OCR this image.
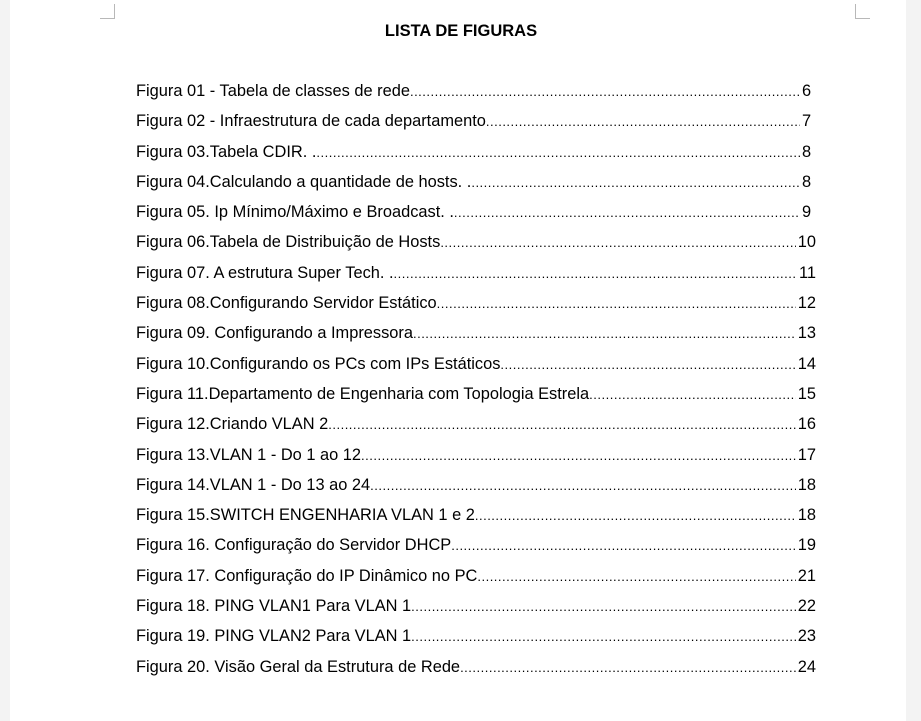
LISTA DE FIGURAS
Figura 01 - Tabela de classes de rede .....	6
Figura 02 - Infraestrutura de cada departamento .....	7
Figura 03.Tabela CDIR. . .....	8
Figura 04.Calculando a quantidade de hosts. . .....	8
Figura 05. Ip Mínimo/Máximo e Broadcast. . .....	9
Figura 06.Tabela de Distribuição de Hosts .....	10
Figura 07. A estrutura Super Tech. . .....	11
Figura 08.Configurando Servidor Estático .....	12
Figura 09. Configurando a Impressora .....	13
Figura 10.Configurando os PCs com IPs Estáticos .....	14
Figura 11.Departamento de Engenharia com Topologia Estrela .....	15
Figura 12.Criando VLAN 2 .....	16
Figura 13.VLAN 1 - Do 1 ao 12 .....	17
Figura 14.VLAN 1 - Do 13 ao 24 .....	18
Figura 15.SWITCH ENGENHARIA VLAN 1 e 2 .....	18
Figura 16. Configuração do Servidor DHCP .....	19
Figura 17. Configuração do IP Dinâmico no PC .....	21
Figura 18. PING VLAN1 Para VLAN 1 .....	22
Figura 19. PING VLAN2 Para VLAN 1 .....	23
Figura 20. Visão Geral da Estrutura de Rede .....	24
